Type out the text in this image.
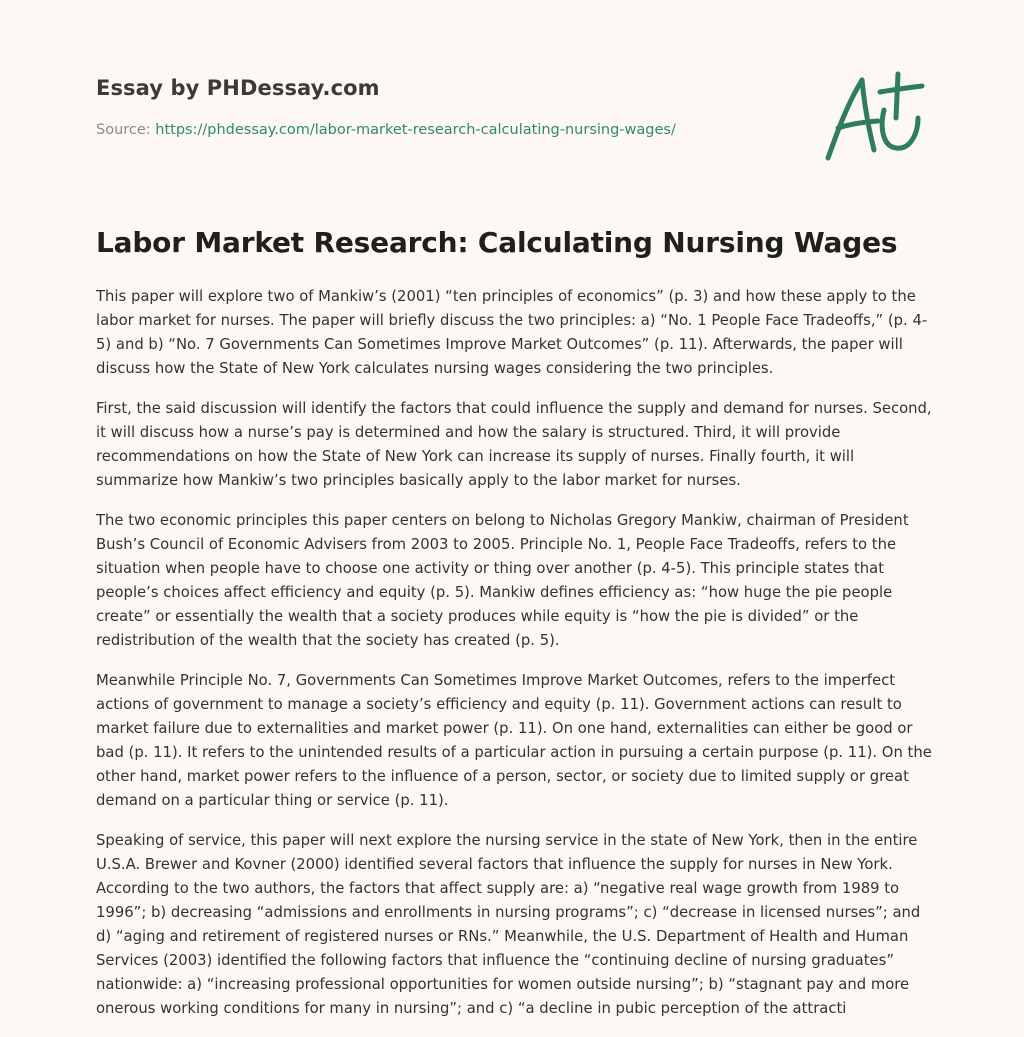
Essay by PHDessay.com
Source: https://phdessay.com/labor-market-research-calculating-nursing-wages/
Labor Market Research: Calculating Nursing Wages

This paper will explore two of Mankiw’s (2001) “ten principles of economics” (p. 3) and how these apply to the labor market for nurses. The paper will briefly discuss the two principles: a) “No. 1 People Face Tradeoffs,” (p. 4-5) and b) “No. 7 Governments Can Sometimes Improve Market Outcomes” (p. 11). Afterwards, the paper will discuss how the State of New York calculates nursing wages considering the two principles.

First, the said discussion will identify the factors that could influence the supply and demand for nurses. Second, it will discuss how a nurse’s pay is determined and how the salary is structured. Third, it will provide recommendations on how the State of New York can increase its supply of nurses. Finally fourth, it will summarize how Mankiw’s two principles basically apply to the labor market for nurses.

The two economic principles this paper centers on belong to Nicholas Gregory Mankiw, chairman of President Bush’s Council of Economic Advisers from 2003 to 2005. Principle No. 1, People Face Tradeoffs, refers to the situation when people have to choose one activity or thing over another (p. 4-5). This principle states that people’s choices affect efficiency and equity (p. 5). Mankiw defines efficiency as: “how huge the pie people create” or essentially the wealth that a society produces while equity is “how the pie is divided” or the redistribution of the wealth that the society has created (p. 5).

Meanwhile Principle No. 7, Governments Can Sometimes Improve Market Outcomes, refers to the imperfect actions of government to manage a society’s efficiency and equity (p. 11). Government actions can result to market failure due to externalities and market power (p. 11). On one hand, externalities can either be good or bad (p. 11). It refers to the unintended results of a particular action in pursuing a certain purpose (p. 11). On the other hand, market power refers to the influence of a person, sector, or society due to limited supply or great demand on a particular thing or service (p. 11).

Speaking of service, this paper will next explore the nursing service in the state of New York, then in the entire U.S.A. Brewer and Kovner (2000) identified several factors that influence the supply for nurses in New York. According to the two authors, the factors that affect supply are: a) “negative real wage growth from 1989 to 1996”; b) decreasing “admissions and enrollments in nursing programs”; c) “decrease in licensed nurses”; and d) “aging and retirement of registered nurses or RNs.” Meanwhile, the U.S. Department of Health and Human Services (2003) identified the following factors that influence the “continuing decline of nursing graduates” nationwide: a) “increasing professional opportunities for women outside nursing”; b) “stagnant pay and more onerous working conditions for many in nursing”; and c) “a decline in pubic perception of the attracti
